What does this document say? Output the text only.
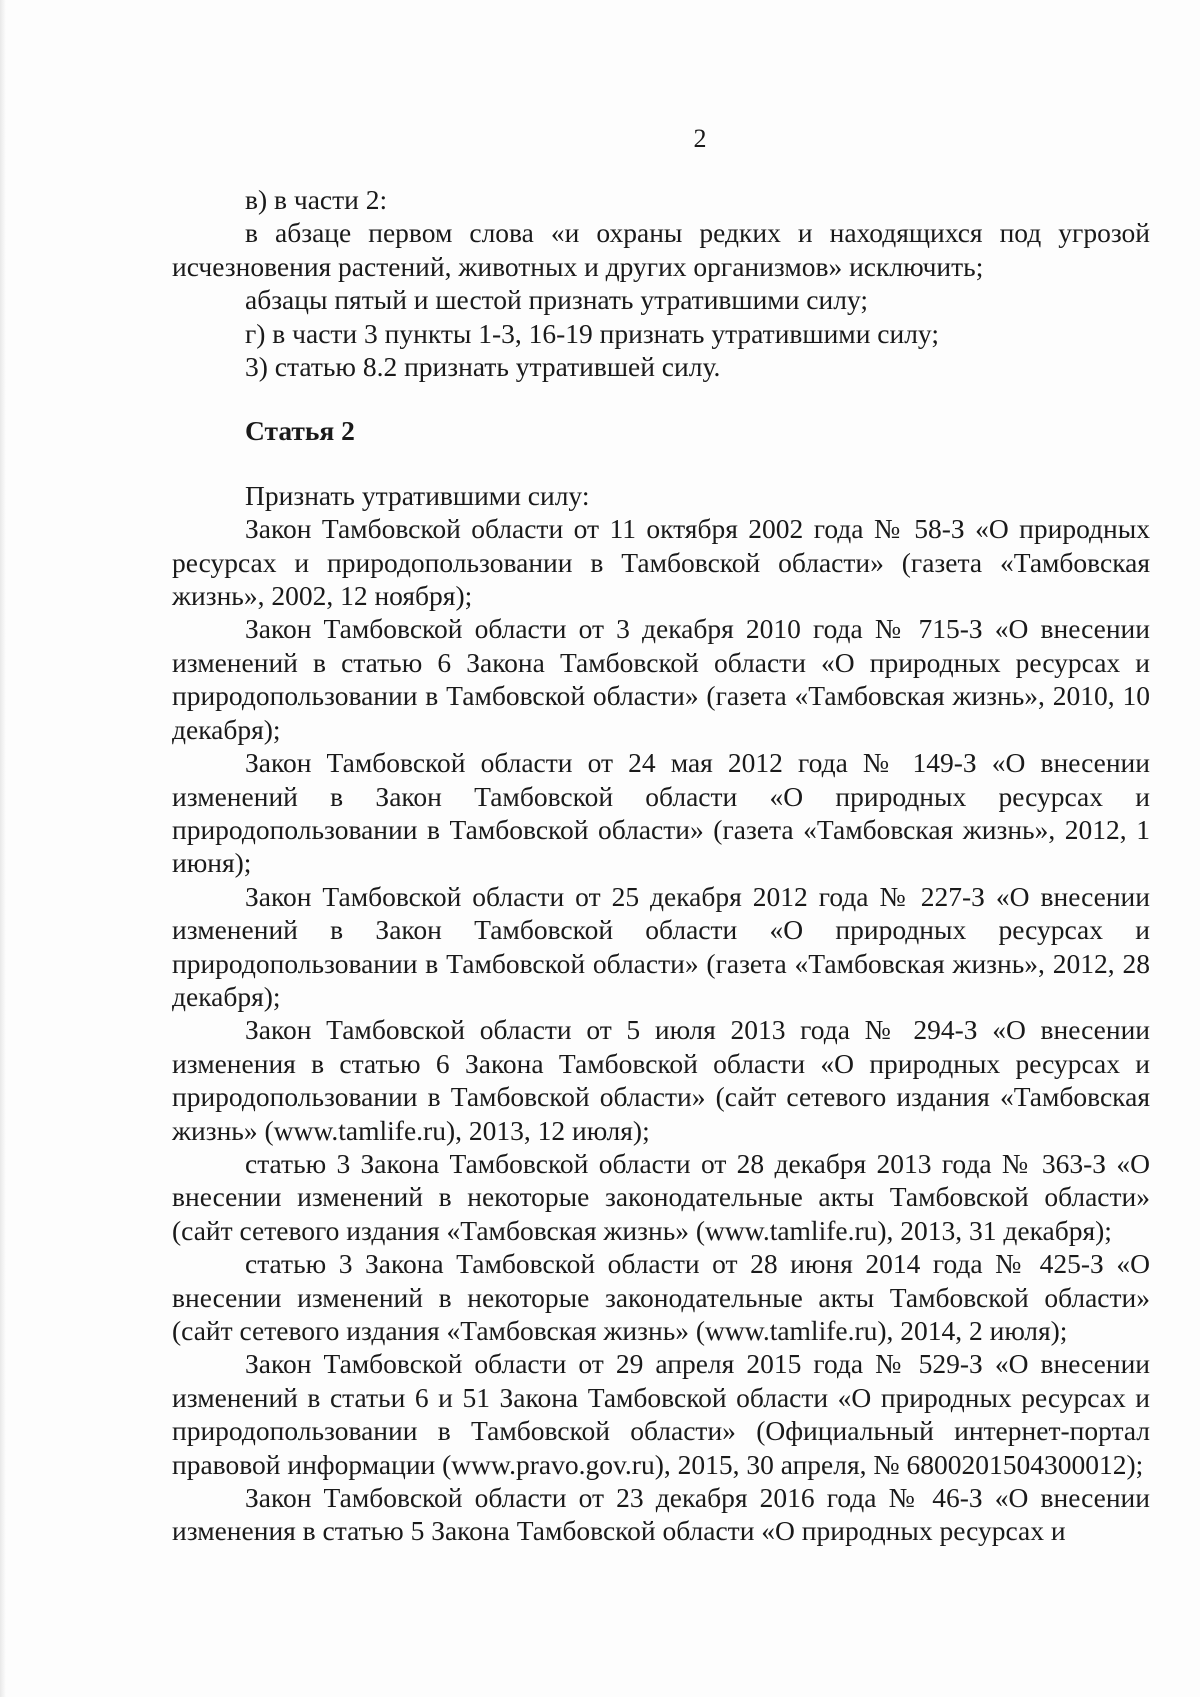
2

в) в части 2:

в абзаце первом слова «и охраны редких и находящихся под угрозой исчезновения растений, животных и других организмов» исключить;

абзацы пятый и шестой признать утратившими силу;

г) в части 3 пункты 1-3, 16-19 признать утратившими силу;

3) статью 8.2 признать утратившей силу.

Статья 2

Признать утратившими силу:

Закон Тамбовской области от 11 октября 2002 года № 58-З «О природных ресурсах и природопользовании в Тамбовской области» (газета «Тамбовская жизнь», 2002, 12 ноября);

Закон Тамбовской области от 3 декабря 2010 года № 715-З «О внесении изменений в статью 6 Закона Тамбовской области «О природных ресурсах и природопользовании в Тамбовской области» (газета «Тамбовская жизнь», 2010, 10 декабря);

Закон Тамбовской области от 24 мая 2012 года № 149-З «О внесении изменений в Закон Тамбовской области «О природных ресурсах и природопользовании в Тамбовской области» (газета «Тамбовская жизнь», 2012, 1 июня);

Закон Тамбовской области от 25 декабря 2012 года № 227-З «О внесении изменений в Закон Тамбовской области «О природных ресурсах и природопользовании в Тамбовской области» (газета «Тамбовская жизнь», 2012, 28 декабря);

Закон Тамбовской области от 5 июля 2013 года № 294-З «О внесении изменения в статью 6 Закона Тамбовской области «О природных ресурсах и природопользовании в Тамбовской области» (сайт сетевого издания «Тамбовская жизнь» (www.tamlife.ru), 2013, 12 июля);

статью 3 Закона Тамбовской области от 28 декабря 2013 года № 363-З «О внесении изменений в некоторые законодательные акты Тамбовской области» (сайт сетевого издания «Тамбовская жизнь» (www.tamlife.ru), 2013, 31 декабря);

статью 3 Закона Тамбовской области от 28 июня 2014 года № 425-З «О внесении изменений в некоторые законодательные акты Тамбовской области» (сайт сетевого издания «Тамбовская жизнь» (www.tamlife.ru), 2014, 2 июля);

Закон Тамбовской области от 29 апреля 2015 года № 529-З «О внесении изменений в статьи 6 и 51 Закона Тамбовской области «О природных ресурсах и природопользовании в Тамбовской области» (Официальный интернет-портал правовой информации (www.pravo.gov.ru), 2015, 30 апреля, № 6800201504300012);

Закон Тамбовской области от 23 декабря 2016 года № 46-З «О внесении изменения в статью 5 Закона Тамбовской области «О природных ресурсах и
